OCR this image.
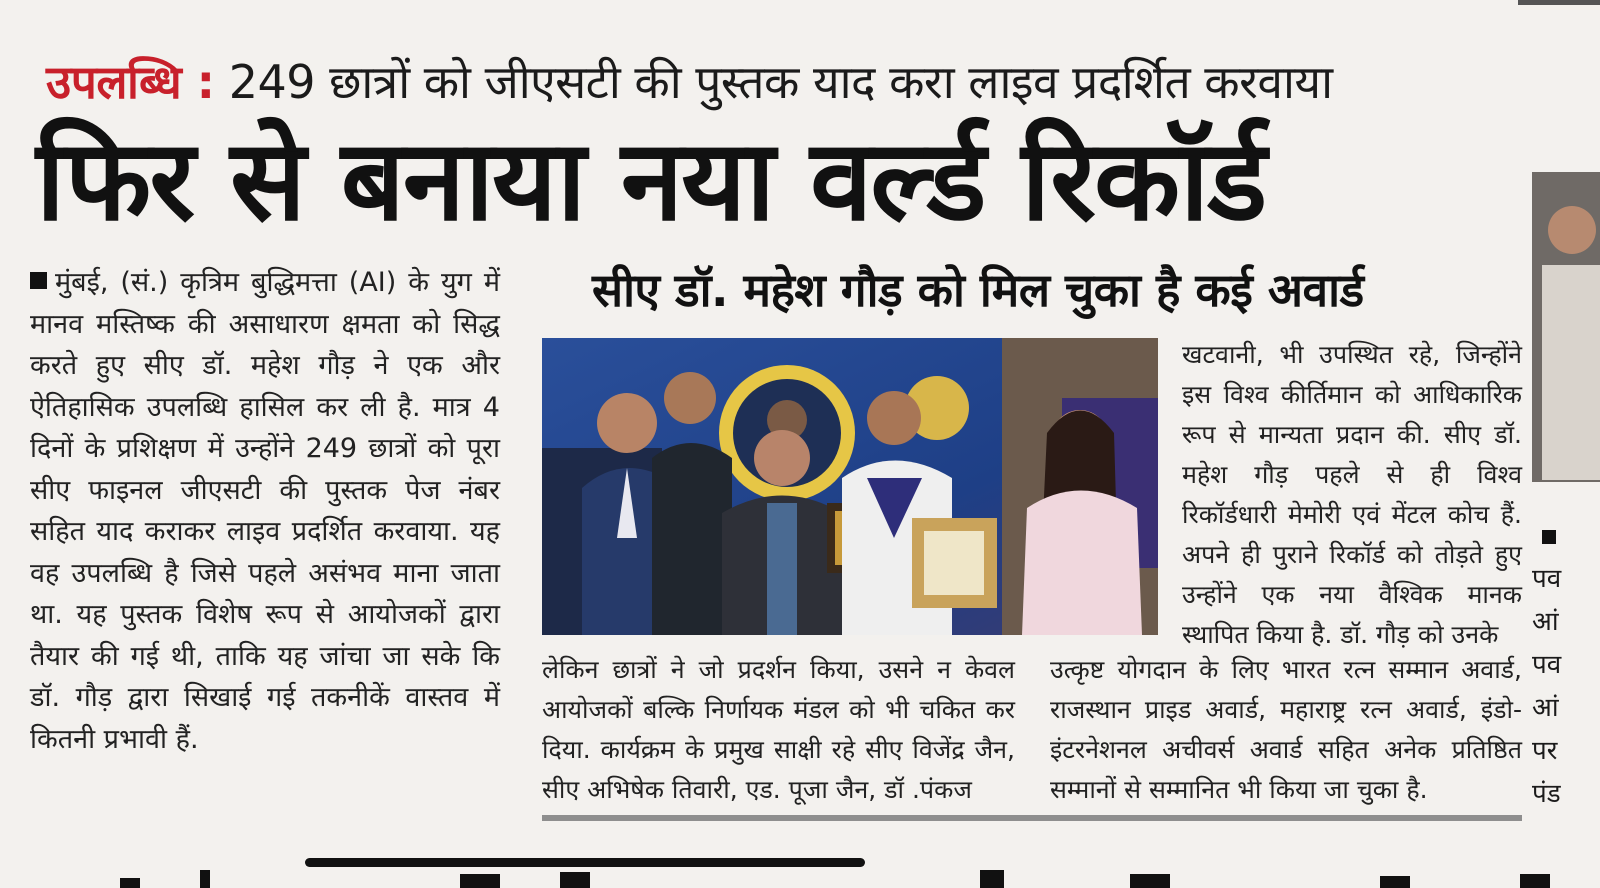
उपलब्धि : 249 छात्रों को जीएसटी की पुस्तक याद करा लाइव प्रदर्शित करवाया
फिर से बनाया नया वर्ल्ड रिकॉर्ड

मुंबई, (सं.) कृत्रिम बुद्धिमत्ता (AI) के युग में मानव मस्तिष्क की असाधारण क्षमता को सिद्ध करते हुए सीए डॉ. महेश गौड़ ने एक और ऐतिहासिक उपलब्धि हासिल कर ली है. मात्र 4 दिनों के प्रशिक्षण में उन्होंने 249 छात्रों को पूरा सीए फाइनल जीएसटी की पुस्तक पेज नंबर सहित याद कराकर लाइव प्रदर्शित करवाया. यह वह उपलब्धि है जिसे पहले असंभव माना जाता था. यह पुस्तक विशेष रूप से आयोजकों द्वारा तैयार की गई थी, ताकि यह जांचा जा सके कि डॉ. गौड़ द्वारा सिखाई गई तकनीकें वास्तव में कितनी प्रभावी हैं.

सीए डॉ. महेश गौड़ को मिल चुका है कई अवार्ड

खटवानी, भी उपस्थित रहे, जिन्होंने इस विश्व कीर्तिमान को आधिकारिक रूप से मान्यता प्रदान की. सीए डॉ. महेश गौड़ पहले से ही विश्व रिकॉर्डधारी मेमोरी एवं मेंटल कोच हैं. अपने ही पुराने रिकॉर्ड को तोड़ते हुए उन्होंने एक नया वैश्विक मानक स्थापित किया है. डॉ. गौड़ को उनके

लेकिन छात्रों ने जो प्रदर्शन किया, उसने न केवल आयोजकों बल्कि निर्णायक मंडल को भी चकित कर दिया. कार्यक्रम के प्रमुख साक्षी रहे सीए विजेंद्र जैन, सीए अभिषेक तिवारी, एड. पूजा जैन, डॉ .पंकज

उत्कृष्ट योगदान के लिए भारत रत्न सम्मान अवार्ड, राजस्थान प्राइड अवार्ड, महाराष्ट्र रत्न अवार्ड, इंडो-इंटरनेशनल अचीवर्स अवार्ड सहित अनेक प्रतिष्ठित सम्मानों से सम्मानित भी किया जा चुका है.

पव
आं
पव
आं
पर
पंड
